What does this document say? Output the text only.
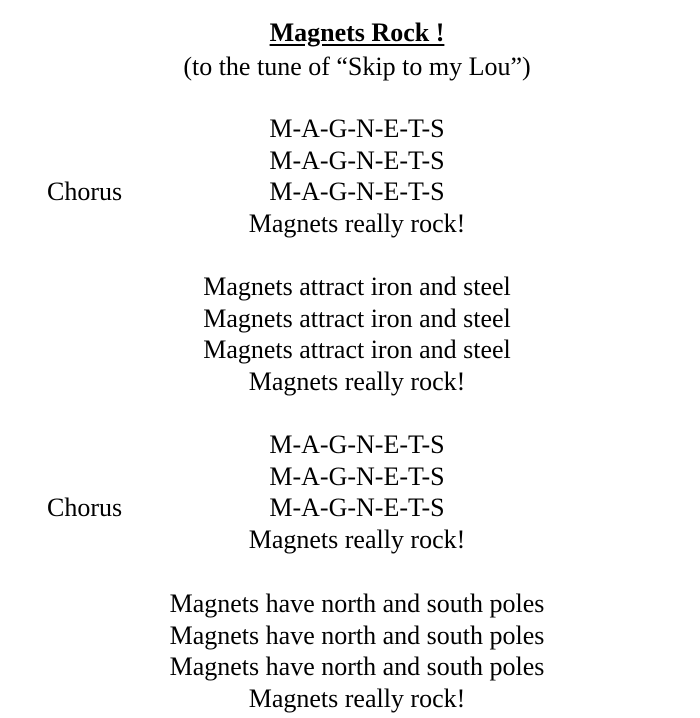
Magnets Rock !
(to the tune of “Skip to my Lou”)
M-A-G-N-E-T-S
M-A-G-N-E-T-S
M-A-G-N-E-T-S
Magnets really rock!
Chorus
Magnets attract iron and steel
Magnets attract iron and steel
Magnets attract iron and steel
Magnets really rock!
M-A-G-N-E-T-S
M-A-G-N-E-T-S
M-A-G-N-E-T-S
Magnets really rock!
Chorus
Magnets have north and south poles
Magnets have north and south poles
Magnets have north and south poles
Magnets really rock!
